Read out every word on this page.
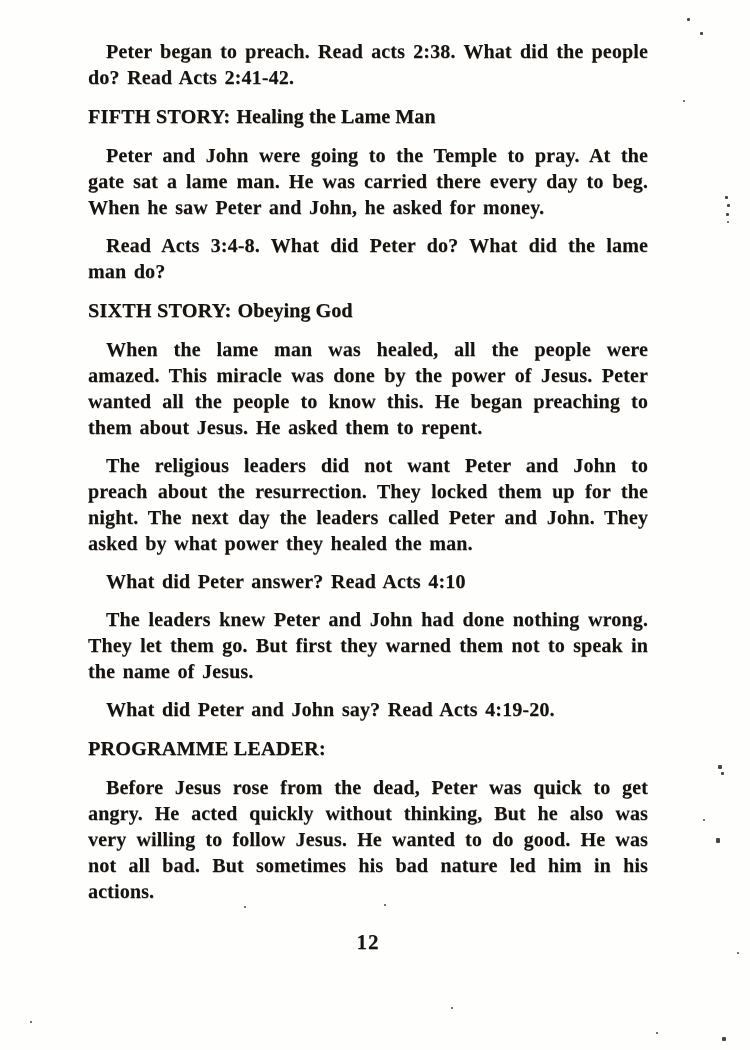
Peter began to preach. Read acts 2:38. What did the people do? Read Acts 2:41-42.

FIFTH STORY: Healing the Lame Man

Peter and John were going to the Temple to pray. At the gate sat a lame man. He was carried there every day to beg. When he saw Peter and John, he asked for money.

Read Acts 3:4-8. What did Peter do? What did the lame man do?

SIXTH STORY: Obeying God

When the lame man was healed, all the people were amazed. This miracle was done by the power of Jesus. Peter wanted all the people to know this. He began preaching to them about Jesus. He asked them to repent.

The religious leaders did not want Peter and John to preach about the resurrection. They locked them up for the night. The next day the leaders called Peter and John. They asked by what power they healed the man.

What did Peter answer? Read Acts 4:10

The leaders knew Peter and John had done nothing wrong. They let them go. But first they warned them not to speak in the name of Jesus.

What did Peter and John say? Read Acts 4:19-20.

PROGRAMME LEADER:

Before Jesus rose from the dead, Peter was quick to get angry. He acted quickly without thinking, But he also was very willing to follow Jesus. He wanted to do good. He was not all bad. But sometimes his bad nature led him in his actions.

12
